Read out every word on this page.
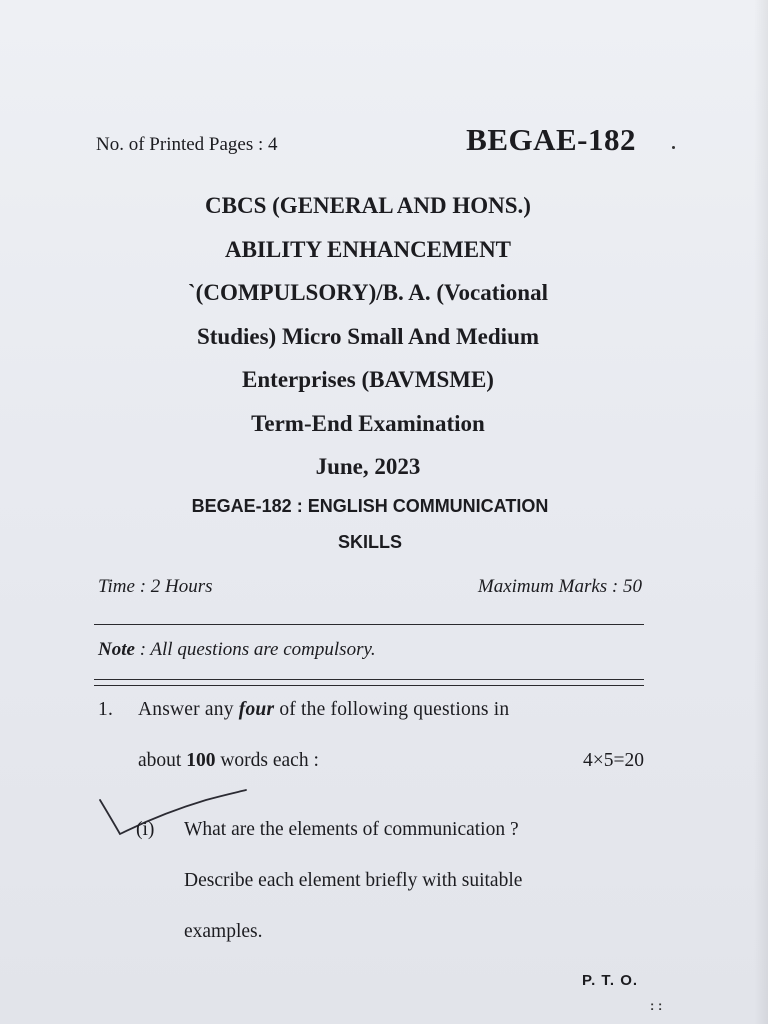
No. of Printed Pages : 4	BEGAE-182
CBCS (GENERAL AND HONS.)
ABILITY ENHANCEMENT
`(COMPULSORY)/B. A. (Vocational
Studies) Micro Small And Medium
Enterprises (BAVMSME)
Term-End Examination
June, 2023
BEGAE-182 : ENGLISH COMMUNICATION
SKILLS
Time : 2 Hours	Maximum Marks : 50
Note : All questions are compulsory.
1. Answer any four of the following questions in
about 100 words each :	4×5=20
(i)	What are the elements of communication ?
Describe each element briefly with suitable
examples.
P. T. O.
: :
